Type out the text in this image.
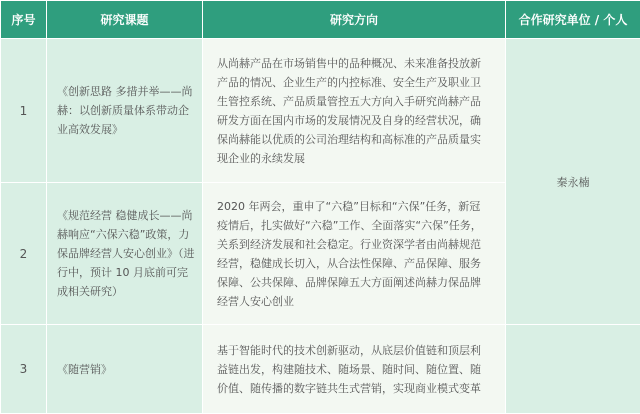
序号	研究课题	研究方向	合作研究单位 / 个人
1	《创新思路 多措并举——尚赫：以创新质量体系带动企业高效发展》	从尚赫产品在市场销售中的品种概况、未来准备投放新产品的情况、企业生产的内控标准、安全生产及职业卫生管控系统、产品质量管控五大方向入手研究尚赫产品研发方面在国内市场的发展情况及自身的经营状况，确保尚赫能以优质的公司治理结构和高标准的产品质量实现企业的永续发展	秦永楠
2	《规范经营 稳健成长——尚赫响应“六保六稳”政策，力保品牌经营人安心创业》（进行中，预计 10 月底前可完成相关研究）	2020 年两会，重申了“六稳”目标和“六保”任务，新冠疫情后，扎实做好“六稳”工作、全面落实“六保”任务，关系到经济发展和社会稳定。行业资深学者由尚赫规范经营，稳健成长切入，从合法性保障、产品保障、服务保障、公共保障、品牌保障五大方面阐述尚赫力保品牌经营人安心创业	
3	《随营销》	基于智能时代的技术创新驱动，从底层价值链和顶层利益链出发，构建随技术、随场景、随时间、随位置、随价值、随传播的数字链共生式营销，实现商业模式变革	
